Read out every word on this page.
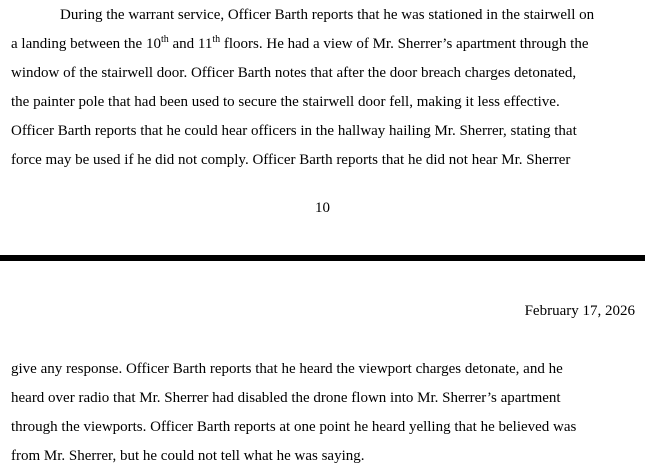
During the warrant service, Officer Barth reports that he was stationed in the stairwell on
a landing between the 10th and 11th floors. He had a view of Mr. Sherrer’s apartment through the
window of the stairwell door. Officer Barth notes that after the door breach charges detonated,
the painter pole that had been used to secure the stairwell door fell, making it less effective.
Officer Barth reports that he could hear officers in the hallway hailing Mr. Sherrer, stating that
force may be used if he did not comply. Officer Barth reports that he did not hear Mr. Sherrer
10
February 17, 2026
give any response. Officer Barth reports that he heard the viewport charges detonate, and he
heard over radio that Mr. Sherrer had disabled the drone flown into Mr. Sherrer’s apartment
through the viewports. Officer Barth reports at one point he heard yelling that he believed was
from Mr. Sherrer, but he could not tell what he was saying.
